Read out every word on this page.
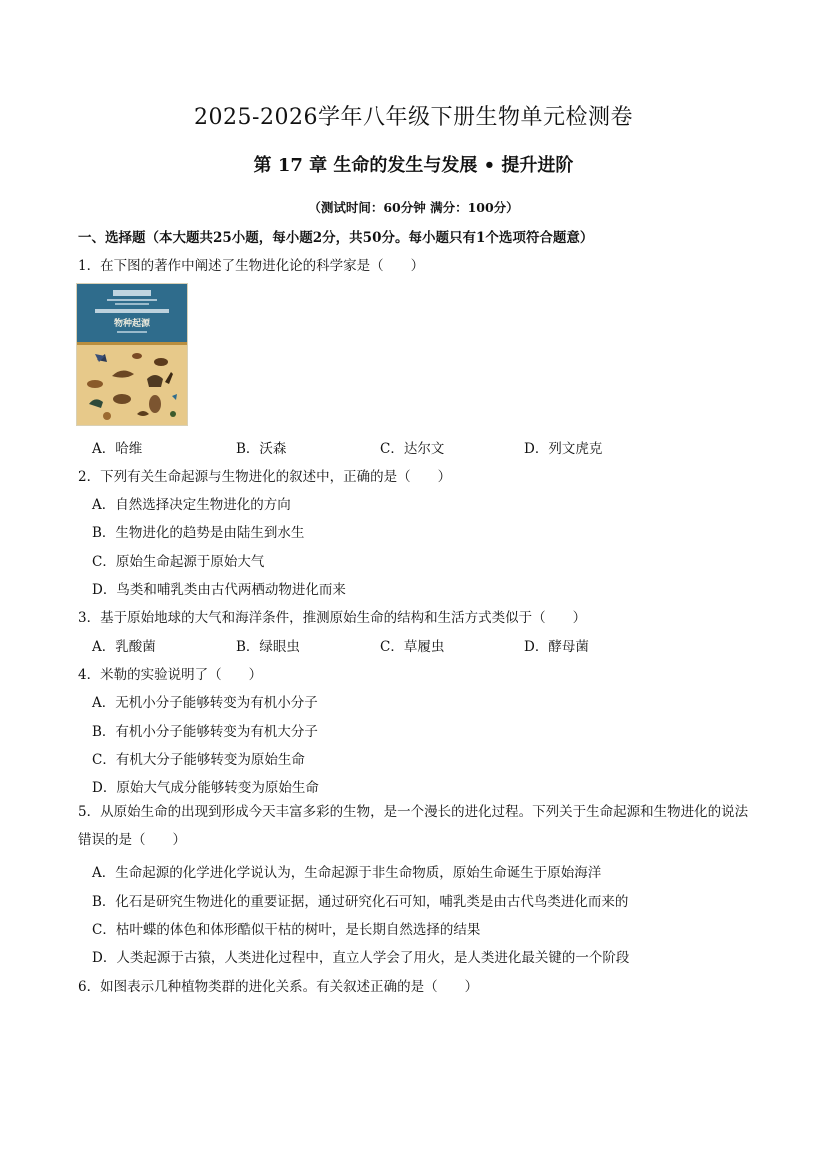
2025-2026学年八年级下册生物单元检测卷
第 17 章 生命的发生与发展 • 提升进阶
（测试时间：60分钟 满分：100分）
一、选择题（本大题共25小题，每小题2分，共50分。每小题只有1个选项符合题意）
1．在下图的著作中阐述了生物进化论的科学家是（　　）
物种起源
A．哈维	B．沃森	C．达尔文	D．列文虎克
2．下列有关生命起源与生物进化的叙述中，正确的是（　　）
A．自然选择决定生物进化的方向
B．生物进化的趋势是由陆生到水生
C．原始生命起源于原始大气
D．鸟类和哺乳类由古代两栖动物进化而来
3．基于原始地球的大气和海洋条件，推测原始生命的结构和生活方式类似于（　　）
A．乳酸菌	B．绿眼虫	C．草履虫	D．酵母菌
4．米勒的实验说明了（　　）
A．无机小分子能够转变为有机小分子
B．有机小分子能够转变为有机大分子
C．有机大分子能够转变为原始生命
D．原始大气成分能够转变为原始生命
5．从原始生命的出现到形成今天丰富多彩的生物，是一个漫长的进化过程。下列关于生命起源和生物进化的说法错误的是（　　）
A．生命起源的化学进化学说认为，生命起源于非生命物质，原始生命诞生于原始海洋
B．化石是研究生物进化的重要证据，通过研究化石可知，哺乳类是由古代鸟类进化而来的
C．枯叶蝶的体色和体形酷似干枯的树叶，是长期自然选择的结果
D．人类起源于古猿，人类进化过程中，直立人学会了用火，是人类进化最关键的一个阶段
6．如图表示几种植物类群的进化关系。有关叙述正确的是（　　）
